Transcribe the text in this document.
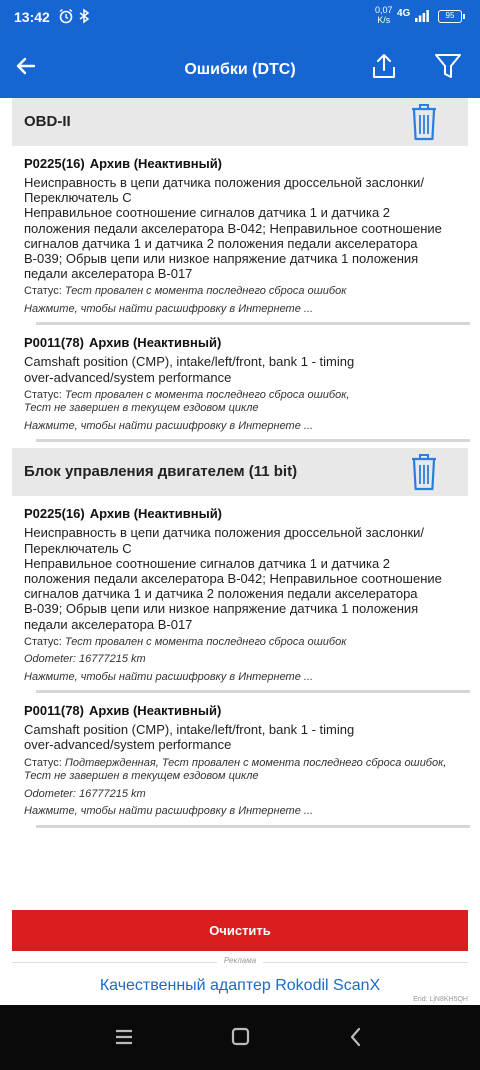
13:42	0,07
K/s
4G	95
Ошибки (DTC)
OBD-II
P0225(16) Архив (Неактивный)
Неисправность в цепи датчика положения дроссельной заслонки/
Переключатель C
Неправильное соотношение сигналов датчика 1 и датчика 2
положения педали акселератора B-042; Неправильное соотношение
сигналов датчика 1 и датчика 2 положения педали акселератора
B-039; Обрыв цепи или низкое напряжение датчика 1 положения
педали акселератора B-017
Статус: Тест провален с момента последнего сброса ошибок
Нажмите, чтобы найти расшифровку в Интернете ...
P0011(78) Архив (Неактивный)
Camshaft position (CMP), intake/left/front, bank 1 - timing
over-advanced/system performance
Статус: Тест провален с момента последнего сброса ошибок,
Тест не завершен в текущем ездовом цикле
Нажмите, чтобы найти расшифровку в Интернете ...
Блок управления двигателем (11 bit)
P0225(16) Архив (Неактивный)
Неисправность в цепи датчика положения дроссельной заслонки/
Переключатель C
Неправильное соотношение сигналов датчика 1 и датчика 2
положения педали акселератора B-042; Неправильное соотношение
сигналов датчика 1 и датчика 2 положения педали акселератора
B-039; Обрыв цепи или низкое напряжение датчика 1 положения
педали акселератора B-017
Статус: Тест провален с момента последнего сброса ошибок
Odometer: 16777215 km
Нажмите, чтобы найти расшифровку в Интернете ...
P0011(78) Архив (Неактивный)
Camshaft position (CMP), intake/left/front, bank 1 - timing
over-advanced/system performance
Статус: Подтвержденная, Тест провален с момента последнего сброса ошибок,
Тест не завершен в текущем ездовом цикле
Odometer: 16777215 km
Нажмите, чтобы найти расшифровку в Интернете ...
Очистить
Реклама
Качественный адаптер Rokodil ScanX
Erid: LjN8KH5QH
